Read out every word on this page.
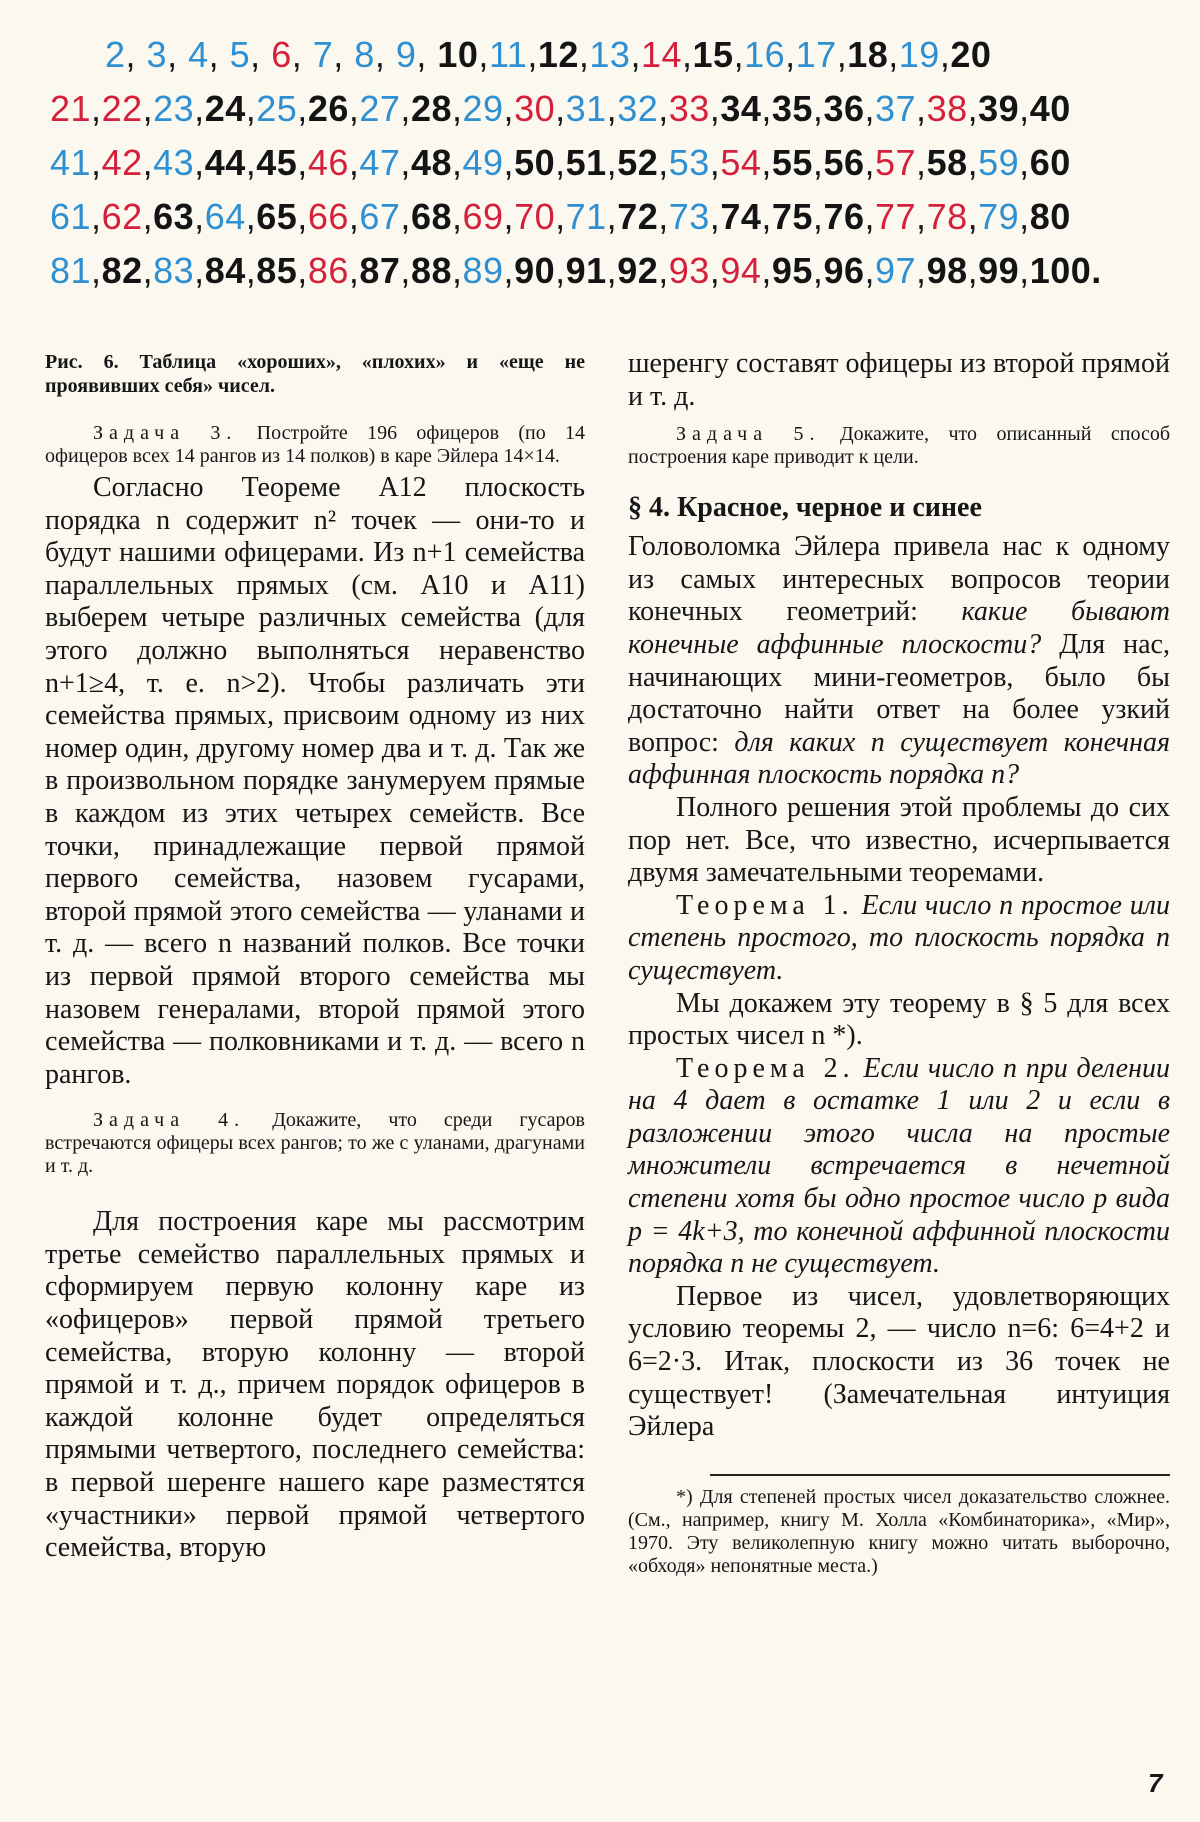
2, 3, 4, 5, 6, 7, 8, 9, 10,11,12,13,14,15,16,17,18,19,20
21,22,23,24,25,26,27,28,29,30,31,32,33,34,35,36,37,38,39,40
41,42,43,44,45,46,47,48,49,50,51,52,53,54,55,56,57,58,59,60
61,62,63,64,65,66,67,68,69,70,71,72,73,74,75,76,77,78,79,80
81,82,83,84,85,86,87,88,89,90,91,92,93,94,95,96,97,98,99,100.

Рис. 6. Таблица «хороших», «плохих» и «еще не проявивших себя» чисел.

Задача 3. Постройте 196 офицеров (по 14 офицеров всех 14 рангов из 14 полков) в каре Эйлера 14×14.

Согласно Теореме А12 плоскость порядка n содержит n² точек — они-то и будут нашими офицерами. Из n+1 семейства параллельных прямых (см. А10 и А11) выберем четыре различных семейства (для этого должно выполняться неравенство n+1≥4, т. е. n>2). Чтобы различать эти семейства прямых, присвоим одному из них номер один, другому номер два и т. д. Так же в произвольном порядке занумеруем прямые в каждом из этих четырех семейств. Все точки, принадлежащие первой прямой первого семейства, назовем гусарами, второй прямой этого семейства — уланами и т. д. — всего n названий полков. Все точки из первой прямой второго семейства мы назовем генералами, второй прямой этого семейства — полковниками и т. д. — всего n рангов.

Задача 4. Докажите, что среди гусаров встречаются офицеры всех рангов; то же с уланами, драгунами и т. д.

Для построения каре мы рассмотрим третье семейство параллельных прямых и сформируем первую колонну каре из «офицеров» первой прямой третьего семейства, вторую колонну — второй прямой и т. д., причем порядок офицеров в каждой колонне будет определяться прямыми четвертого, последнего семейства: в первой шеренге нашего каре разместятся «участники» первой прямой четвертого семейства, вторую

шеренгу составят офицеры из второй прямой и т. д.

Задача 5. Докажите, что описанный способ построения каре приводит к цели.

§ 4. Красное, черное и синее

Головоломка Эйлера привела нас к одному из самых интересных вопросов теории конечных геометрий: какие бывают конечные аффинные плоскости? Для нас, начинающих мини-геометров, было бы достаточно найти ответ на более узкий вопрос: для каких n существует конечная аффинная плоскость порядка n?

Полного решения этой проблемы до сих пор нет. Все, что известно, исчерпывается двумя замечательными теоремами.

Теорема 1. Если число n простое или степень простого, то плоскость порядка n существует.

Мы докажем эту теорему в § 5 для всех простых чисел n *).

Теорема 2. Если число n при делении на 4 дает в остатке 1 или 2 и если в разложении этого числа на простые множители встречается в нечетной степени хотя бы одно простое число p вида p = 4k+3, то конечной аффинной плоскости порядка n не существует.

Первое из чисел, удовлетворяющих условию теоремы 2, — число n=6: 6=4+2 и 6=2·3. Итак, плоскости из 36 точек не существует! (Замечательная интуиция Эйлера

*) Для степеней простых чисел доказательство сложнее. (См., например, книгу М. Холла «Комбинаторика», «Мир», 1970. Эту великолепную книгу можно читать выборочно, «обходя» непонятные места.)

7
